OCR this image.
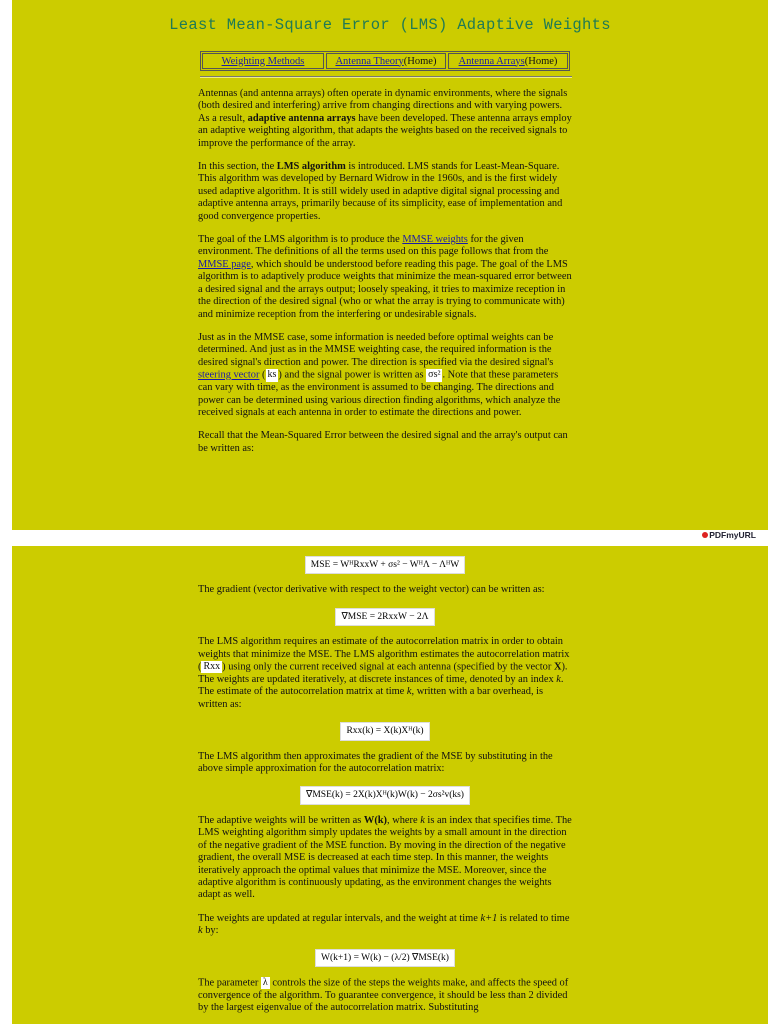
Least Mean-Square Error (LMS) Adaptive Weights
Weighting Methods	Antenna Theory (Home) Antenna Arrays (Home)

Antennas (and antenna arrays) often operate in dynamic environments, where the signals (both desired and interfering) arrive from changing directions and with varying powers. As a result, adaptive antenna arrays have been developed. These antenna arrays employ an adaptive weighting algorithm, that adapts the weights based on the received signals to improve the performance of the array.

In this section, the LMS algorithm is introduced. LMS stands for Least-Mean-Square. This algorithm was developed by Bernard Widrow in the 1960s, and is the first widely used adaptive algorithm. It is still widely used in adaptive digital signal processing and adaptive antenna arrays, primarily because of its simplicity, ease of implementation and good convergence properties.

The goal of the LMS algorithm is to produce the MMSE weights for the given environment. The definitions of all the terms used on this page follows that from the MMSE page, which should be understood before reading this page. The goal of the LMS algorithm is to adaptively produce weights that minimize the mean-squared error between a desired signal and the arrays output; loosely speaking, it tries to maximize reception in the direction of the desired signal (who or what the array is trying to communicate with) and minimize reception from the interfering or undesirable signals.

Just as in the MMSE case, some information is needed before optimal weights can be determined. And just as in the MMSE weighting case, the required information is the desired signal's direction and power. The direction is specified via the desired signal's steering vector ( ks ) and the signal power is written as σs² . Note that these parameters can vary with time, as the environment is assumed to be changing. The directions and power can be determined using various direction finding algorithms, which analyze the received signals at each antenna in order to estimate the directions and power.

Recall that the Mean-Squared Error between the desired signal and the array's output can be written as:

PDFmyURL
MSE = WᴴRxxW + σs² − WᴴΛ − ΛᴴW

The gradient (vector derivative with respect to the weight vector) can be written as:

∇MSE = 2RxxW − 2Λ

The LMS algorithm requires an estimate of the autocorrelation matrix in order to obtain weights that minimize the MSE. The LMS algorithm estimates the autocorrelation matrix ( Rxx ) using only the current received signal at each antenna (specified by the vector X). The weights are updated iteratively, at discrete instances of time, denoted by an index k. The estimate of the autocorrelation matrix at time k, written with a bar overhead, is written as:

Rxx(k) = X(k)Xᴴ(k)

The LMS algorithm then approximates the gradient of the MSE by substituting in the above simple approximation for the autocorrelation matrix:

∇MSE(k) = 2X(k)Xᴴ(k)W(k) − 2σs²v(ks)

The adaptive weights will be written as W(k), where k is an index that specifies time. The LMS weighting algorithm simply updates the weights by a small amount in the direction of the negative gradient of the MSE function. By moving in the direction of the negative gradient, the overall MSE is decreased at each time step. In this manner, the weights iteratively approach the optimal values that minimize the MSE. Moreover, since the adaptive algorithm is continuously updating, as the environment changes the weights adapt as well.

The weights are updated at regular intervals, and the weight at time k+1 is related to time k by:

W(k+1) = W(k) − (λ/2) ∇MSE(k)

The parameter λ controls the size of the steps the weights make, and affects the speed of convergence of the algorithm. To guarantee convergence, it should be less than 2 divided by the largest eigenvalue of the autocorrelation matrix. Substituting
